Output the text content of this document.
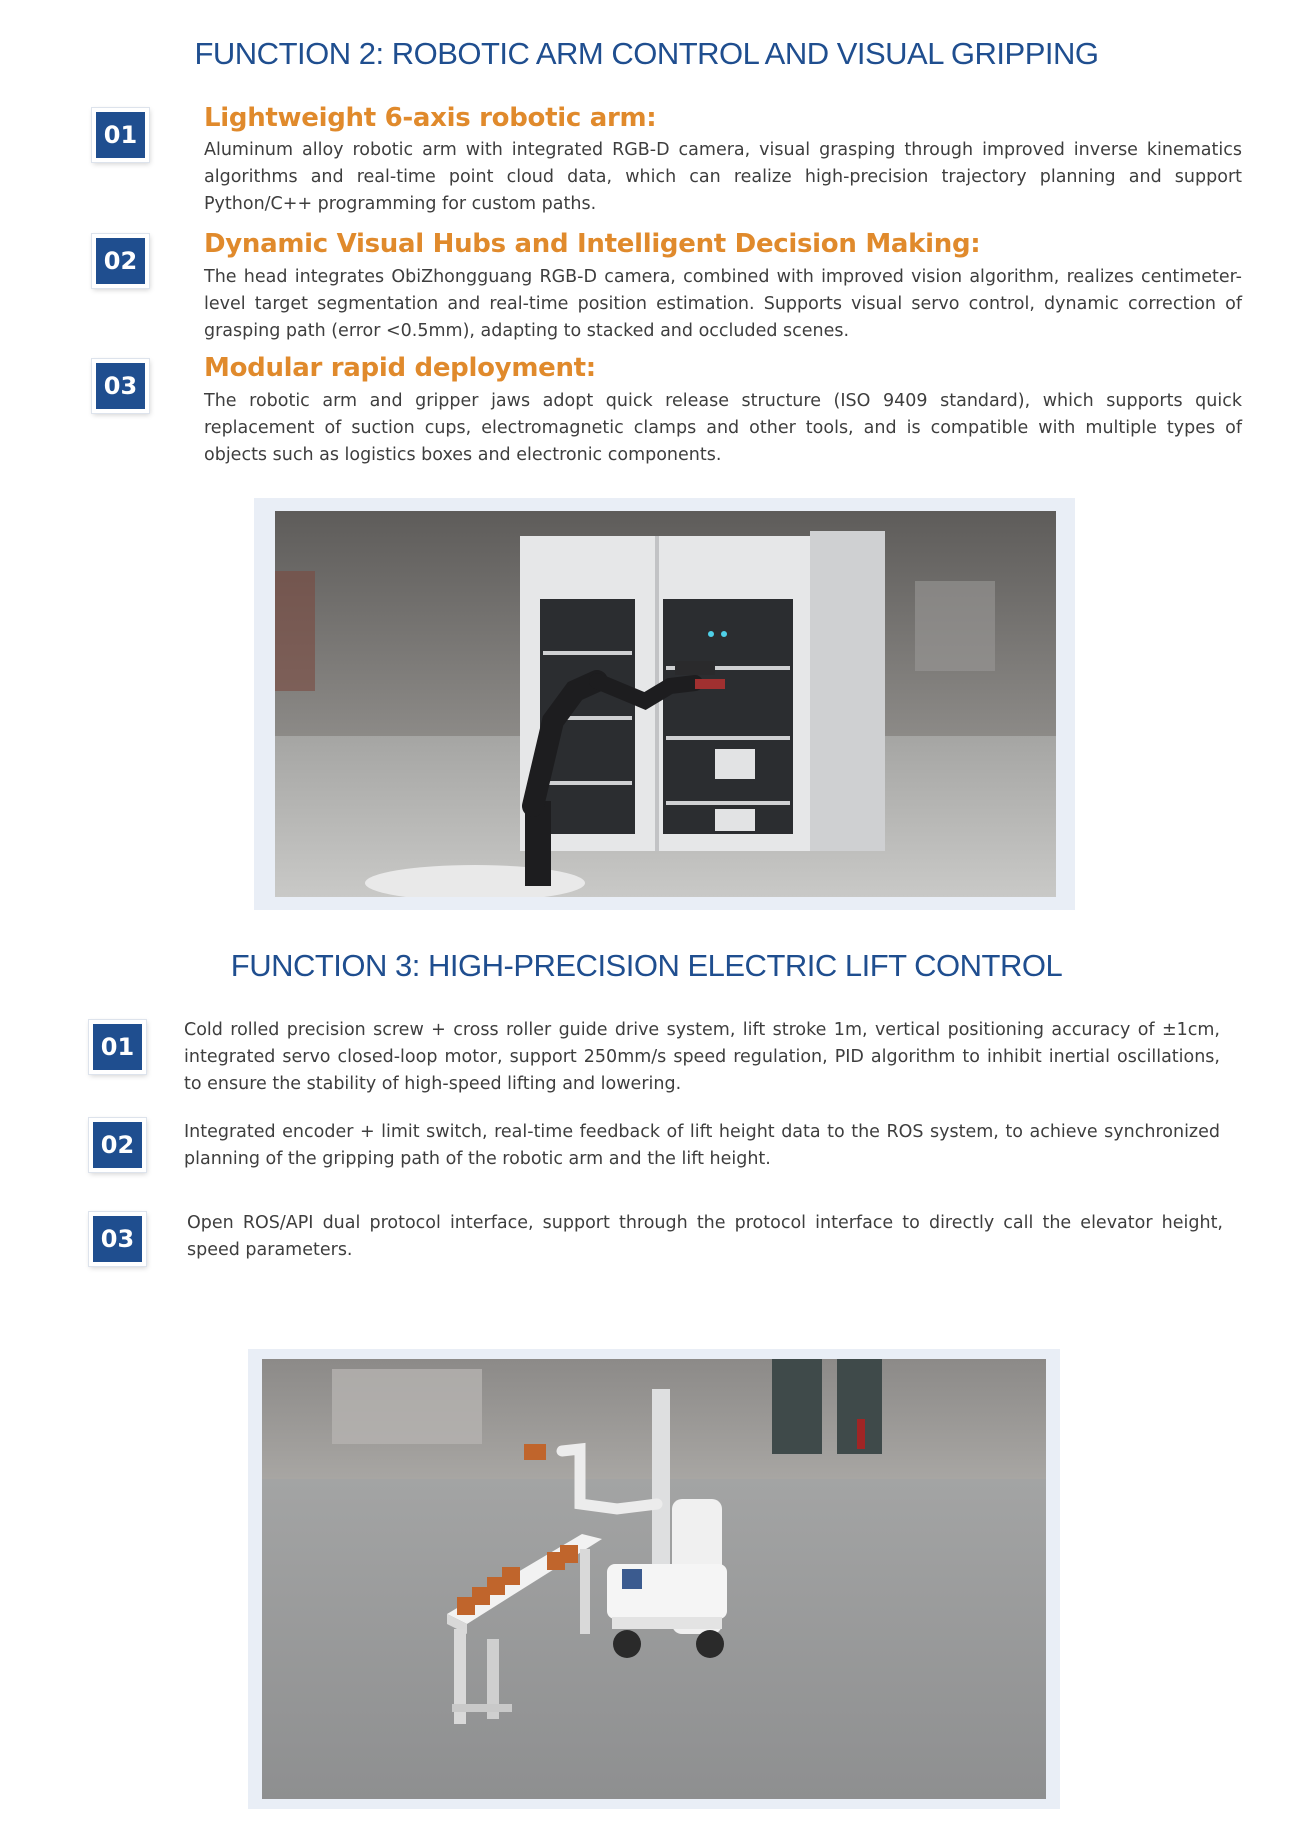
FUNCTION 2: ROBOTIC ARM CONTROL AND VISUAL GRIPPING
01
Lightweight 6-axis robotic arm:

Aluminum alloy robotic arm with integrated RGB-D camera, visual grasping through improved inverse kinematics algorithms and real-time point cloud data, which can realize high-precision trajectory planning and support Python/C++ programming for custom paths.

02
Dynamic Visual Hubs and Intelligent Decision Making:

The head integrates ObiZhongguang RGB-D camera, combined with improved vision algorithm, realizes centimeter-level target segmentation and real-time position estimation. Supports visual servo control, dynamic correction of grasping path (error <0.5mm), adapting to stacked and occluded scenes.

03
Modular rapid deployment:

The robotic arm and gripper jaws adopt quick release structure (ISO 9409 standard), which supports quick replacement of suction cups, electromagnetic clamps and other tools, and is compatible with multiple types of objects such as logistics boxes and electronic components.

FUNCTION 3: HIGH-PRECISION ELECTRIC LIFT CONTROL
01

Cold rolled precision screw + cross roller guide drive system, lift stroke 1m, vertical positioning accuracy of ±1cm, integrated servo closed-loop motor, support 250mm/s speed regulation, PID algorithm to inhibit inertial oscillations, to ensure the stability of high-speed lifting and lowering.

02	Integrated encoder + limit switch, real-time feedback of lift height data to the ROS system, to achieve synchronized planning of the gripping path of the robotic arm and the lift height.

03

Open ROS/API dual protocol interface, support through the protocol interface to directly call the elevator height, speed parameters.
